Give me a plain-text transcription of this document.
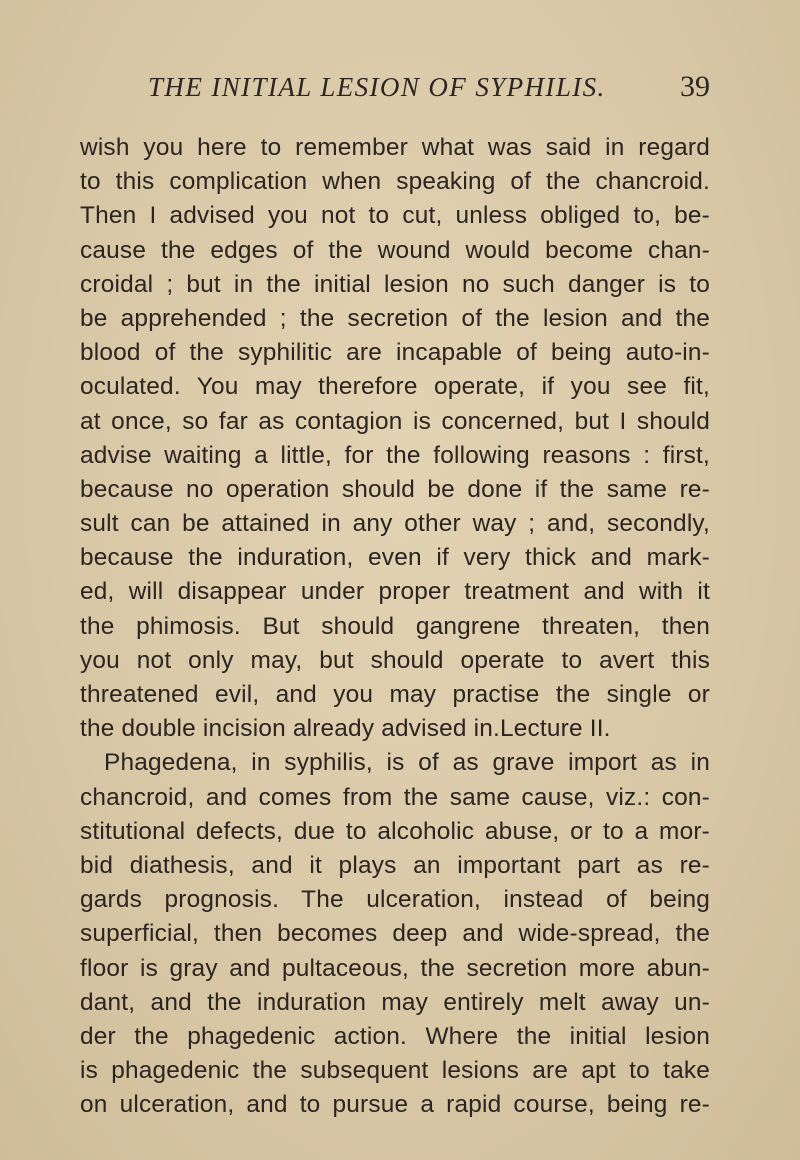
THE INITIAL LESION OF SYPHILIS. 39
wish you here to remember what was said in regard
to this complication when speaking of the chancroid.
Then I advised you not to cut, unless obliged to, be-
cause the edges of the wound would become chan-
croidal ; but in the initial lesion no such danger is to
be apprehended ; the secretion of the lesion and the
blood of the syphilitic are incapable of being auto-in-
oculated. You may therefore operate, if you see fit,
at once, so far as contagion is concerned, but I should
advise waiting a little, for the following reasons : first,
because no operation should be done if the same re-
sult can be attained in any other way ; and, secondly,
because the induration, even if very thick and mark-
ed, will disappear under proper treatment and with it
the phimosis. But should gangrene threaten, then
you not only may, but should operate to avert this
threatened evil, and you may practise the single or
the double incision already advised in.Lecture II.
Phagedena, in syphilis, is of as grave import as in
chancroid, and comes from the same cause, viz.: con-
stitutional defects, due to alcoholic abuse, or to a mor-
bid diathesis, and it plays an important part as re-
gards prognosis. The ulceration, instead of being
superficial, then becomes deep and wide-spread, the
floor is gray and pultaceous, the secretion more abun-
dant, and the induration may entirely melt away un-
der the phagedenic action. Where the initial lesion
is phagedenic the subsequent lesions are apt to take
on ulceration, and to pursue a rapid course, being re-
